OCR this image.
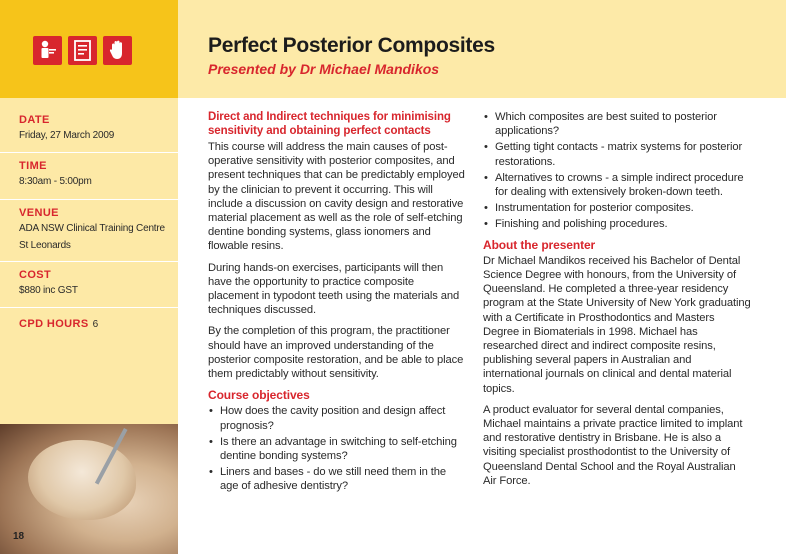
Perfect Posterior Composites
Presented by Dr Michael Mandikos
DATE
Friday, 27 March 2009
TIME
8:30am - 5:00pm
VENUE
ADA NSW Clinical Training Centre
St Leonards
COST
$880 inc GST
CPD HOURS 6
18
Direct and Indirect techniques for minimising sensitivity and obtaining perfect contacts

This course will address the main causes of post-operative sensitivity with posterior composites, and present techniques that can be predictably employed by the clinician to prevent it occurring. This will include a discussion on cavity design and restorative material placement as well as the role of self-etching dentine bonding systems, glass ionomers and flowable resins.

During hands-on exercises, participants will then have the opportunity to practice composite placement in typodont teeth using the materials and techniques discussed.

By the completion of this program, the practitioner should have an improved understanding of the posterior composite restoration, and be able to place them predictably without sensitivity.

Course objectives
• How does the cavity position and design affect prognosis?
• Is there an advantage in switching to self-etching dentine bonding systems?
• Liners and bases - do we still need them in the age of adhesive dentistry?
• Which composites are best suited to posterior applications?
• Getting tight contacts - matrix systems for posterior restorations.
• Alternatives to crowns - a simple indirect procedure for dealing with extensively broken-down teeth.
• Instrumentation for posterior composites.
• Finishing and polishing procedures.
About the presenter

Dr Michael Mandikos received his Bachelor of Dental Science Degree with honours, from the University of Queensland. He completed a three-year residency program at the State University of New York graduating with a Certificate in Prosthodontics and Masters Degree in Biomaterials in 1998. Michael has researched direct and indirect composite resins, publishing several papers in Australian and international journals on clinical and dental material topics.

A product evaluator for several dental companies, Michael maintains a private practice limited to implant and restorative dentistry in Brisbane. He is also a visiting specialist prosthodontist to the University of Queensland Dental School and the Royal Australian Air Force.
